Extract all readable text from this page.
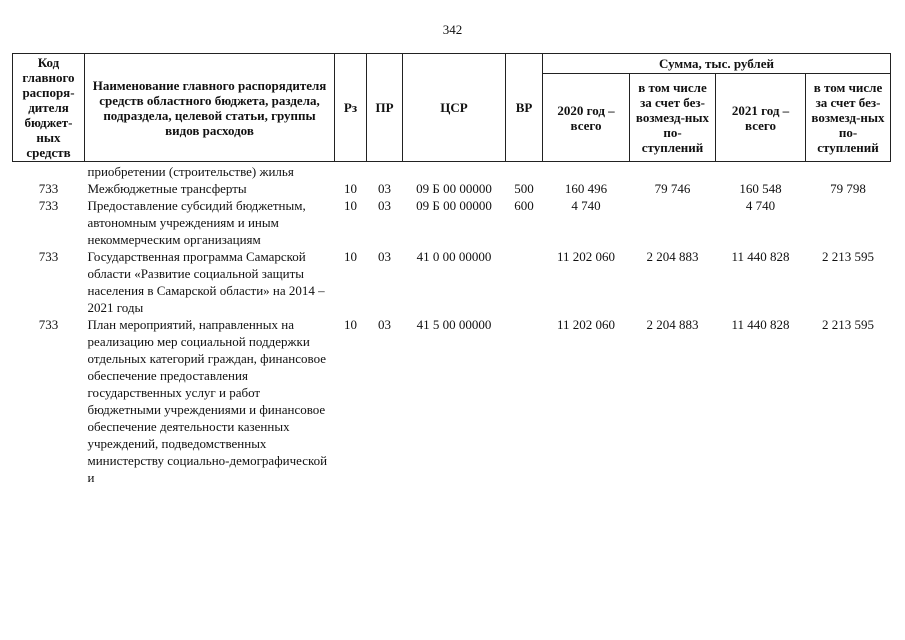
342
Код главного распоря-дителя бюджет-ных средств	Наименование главного распорядителя средств областного бюджета, раздела, подраздела, целевой статьи, группы видов расходов	Рз	ПР	ЦСР	ВР	Сумма, тыс. рублей			
						2020 год – всего	в том числе за счет без-возмезд-ных по-ступлений	2021 год – всего	в том числе за счет без-возмезд-ных по-ступлений
	приобретении (строительстве) жилья								
733	Межбюджетные трансферты	10	03	09 Б 00 00000	500	160 496	79 746	160 548	79 798
733	Предоставление субсидий бюджетным, автономным учреждениям и иным некоммерческим организациям	10	03	09 Б 00 00000	600	4 740		4 740	
733	Государственная программа Самарской области «Развитие социальной защиты населения в Самарской области» на 2014 – 2021 годы	10	03	41 0 00 00000		11 202 060	2 204 883	11 440 828	2 213 595
733	План мероприятий, направленных на реализацию мер социальной поддержки отдельных категорий граждан, финансовое обеспечение предоставления государственных услуг и работ бюджетными учреждениями и финансовое обеспечение деятельности казенных учреждений, подведомственных министерству социально-демографической и	10	03	41 5 00 00000		11 202 060	2 204 883	11 440 828	2 213 595
